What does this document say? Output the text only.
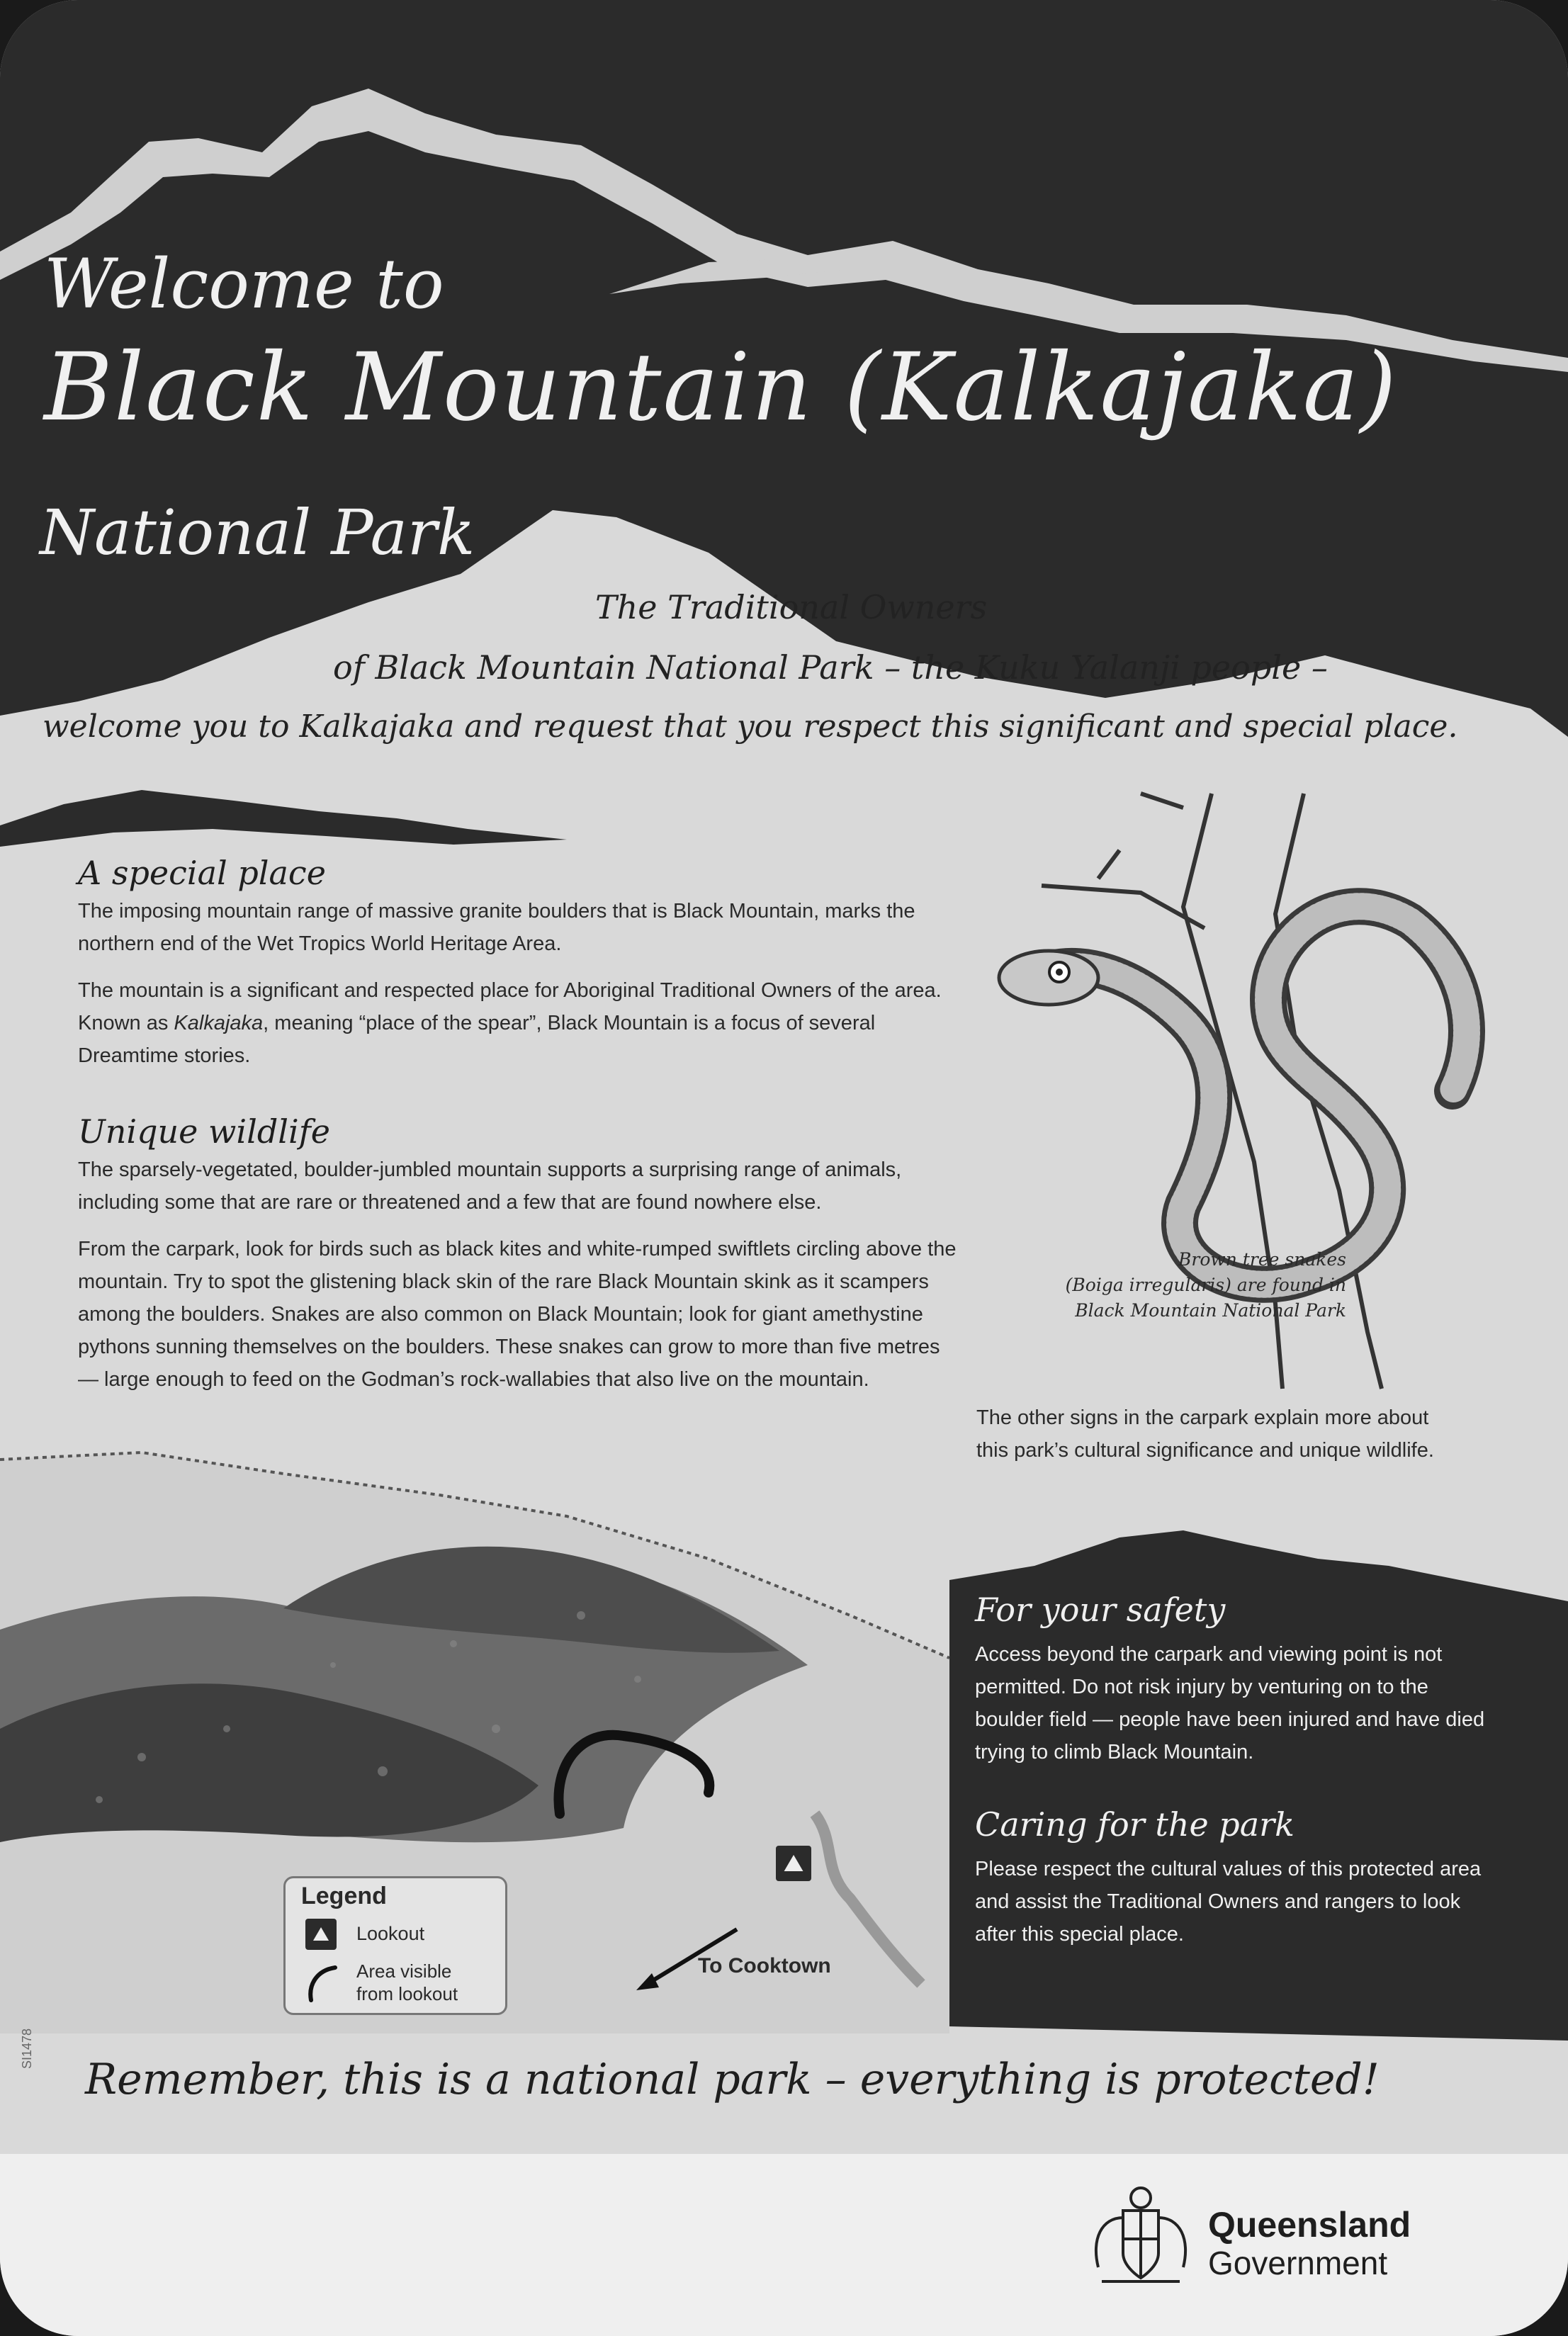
Welcome to
Black Mountain (Kalkajaka)
National Park
The Traditional Owners
of Black Mountain National Park – the Kuku Yalanji people –
welcome you to Kalkajaka and request that you respect this significant and special place.
A special place

The imposing mountain range of massive granite boulders that is Black Mountain, marks the northern end of the Wet Tropics World Heritage Area.

The mountain is a significant and respected place for Aboriginal Traditional Owners of the area. Known as Kalkajaka, meaning “place of the spear”, Black Mountain is a focus of several Dreamtime stories.

Unique wildlife

The sparsely-vegetated, boulder-jumbled mountain supports a surprising range of animals, including some that are rare or threatened and a few that are found nowhere else.

From the carpark, look for birds such as black kites and white-rumped swiftlets circling above the mountain. Try to spot the glistening black skin of the rare Black Mountain skink as it scampers among the boulders. Snakes are also common on Black Mountain; look for giant amethystine pythons sunning themselves on the boulders. These snakes can grow to more than five metres — large enough to feed on the Godman’s rock-wallabies that also live on the mountain.

Brown tree snakes
(Boiga irregularis) are found in
Black Mountain National Park
The other signs in the carpark explain more about this park’s cultural significance and unique wildlife.
⛰
Legend
⛰	Lookout
Area visible
from lookout
To Cooktown
For your safety
Access beyond the carpark and viewing point is not permitted. Do not risk injury by venturing on to the boulder field — people have been injured and have died trying to climb Black Mountain.
Caring for the park
Please respect the cultural values of this protected area and assist the Traditional Owners and rangers to look after this special place.
Remember, this is a national park – everything is protected!
SI1478
Queensland
Government
